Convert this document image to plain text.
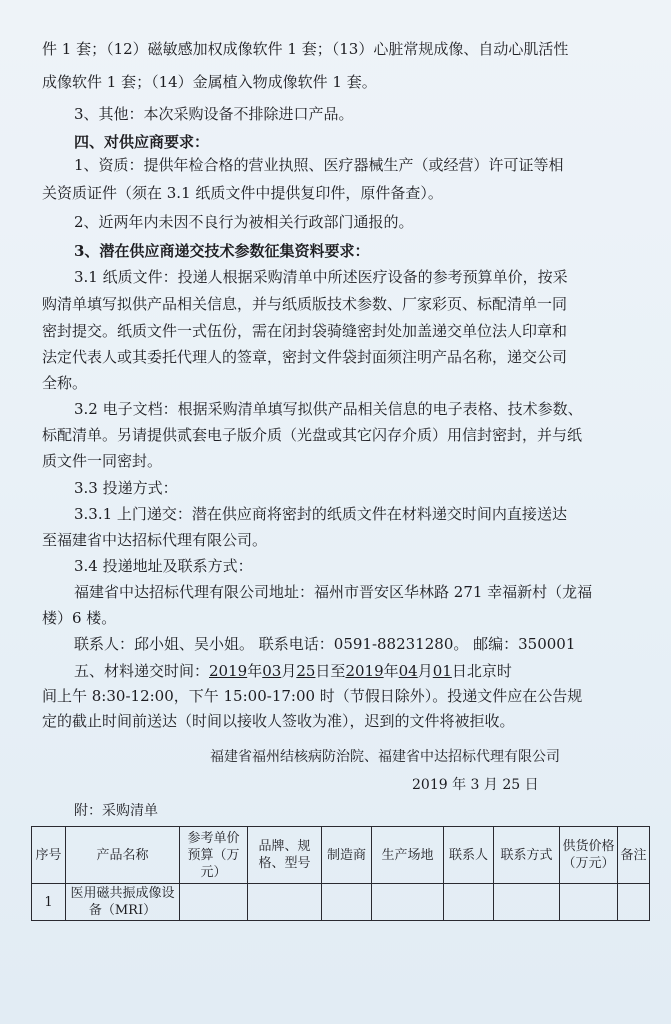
件 1 套；（12）磁敏感加权成像软件 1 套；（13）心脏常规成像、自动心肌活性
成像软件 1 套；（14）金属植入物成像软件 1 套。
3、其他：本次采购设备不排除进口产品。
四、对供应商要求：
1、资质：提供年检合格的营业执照、医疗器械生产（或经营）许可证等相
关资质证件（须在 3.1 纸质文件中提供复印件，原件备查）。
2、近两年内未因不良行为被相关行政部门通报的。
3、潜在供应商递交技术参数征集资料要求：
3.1 纸质文件：投递人根据采购清单中所述医疗设备的参考预算单价，按采
购清单填写拟供产品相关信息，并与纸质版技术参数、厂家彩页、标配清单一同
密封提交。纸质文件一式伍份，需在闭封袋骑缝密封处加盖递交单位法人印章和
法定代表人或其委托代理人的签章，密封文件袋封面须注明产品名称，递交公司
全称。
3.2 电子文档：根据采购清单填写拟供产品相关信息的电子表格、技术参数、
标配清单。另请提供贰套电子版介质（光盘或其它闪存介质）用信封密封，并与纸
质文件一同密封。
3.3 投递方式：
3.3.1 上门递交：潜在供应商将密封的纸质文件在材料递交时间内直接送达
至福建省中达招标代理有限公司。
3.4 投递地址及联系方式：
福建省中达招标代理有限公司地址：福州市晋安区华林路 271 幸福新村（龙福
楼）6 楼。
联系人：邱小姐、吴小姐。 联系电话：0591-88231280。 邮编：350001
五、材料递交时间：2019年03月25日至2019年04月01日北京时
间上午 8:30-12:00，下午 15:00-17:00 时（节假日除外）。投递文件应在公告规
定的截止时间前送达（时间以接收人签收为准），迟到的文件将被拒收。
福建省福州结核病防治院、福建省中达招标代理有限公司
2019 年 3 月 25 日
附：采购清单
序号	产品名称	参考单价预算（万元）	品牌、规格、型号	制造商	生产场地	联系人	联系方式	供货价格（万元）	备注
1	医用磁共振成像设备（MRI）								
